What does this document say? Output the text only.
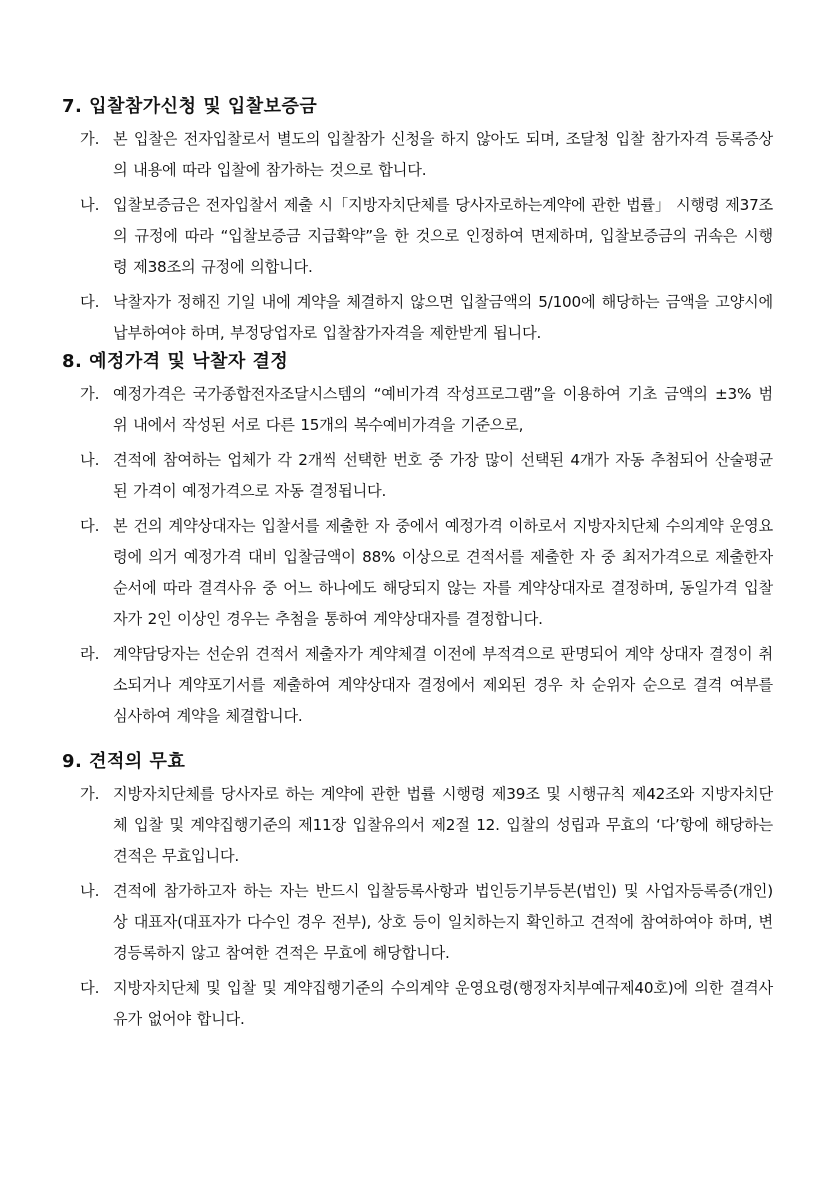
7. 입찰참가신청 및 입찰보증금
가. 본 입찰은 전자입찰로서 별도의 입찰참가 신청을 하지 않아도 되며, 조달청 입찰 참가자격 등록증상의 내용에 따라 입찰에 참가하는 것으로 합니다.
나. 입찰보증금은 전자입찰서 제출 시「지방자치단체를 당사자로하는계약에 관한 법률」 시행령 제37조의 규정에 따라 “입찰보증금 지급확약”을 한 것으로 인정하여 면제하며, 입찰보증금의 귀속은 시행령 제38조의 규정에 의합니다.
다. 낙찰자가 정해진 기일 내에 계약을 체결하지 않으면 입찰금액의 5/100에 해당하는 금액을 고양시에 납부하여야 하며, 부정당업자로 입찰참가자격을 제한받게 됩니다.
8. 예정가격 및 낙찰자 결정
가. 예정가격은 국가종합전자조달시스템의 “예비가격 작성프로그램”을 이용하여 기초 금액의 ±3% 범위 내에서 작성된 서로 다른 15개의 복수예비가격을 기준으로,
나. 견적에 참여하는 업체가 각 2개씩 선택한 번호 중 가장 많이 선택된 4개가 자동 추첨되어 산술평균 된 가격이 예정가격으로 자동 결정됩니다.
다. 본 건의 계약상대자는 입찰서를 제출한 자 중에서 예정가격 이하로서 지방자치단체 수의계약 운영요령에 의거 예정가격 대비 입찰금액이 88% 이상으로 견적서를 제출한 자 중 최저가격으로 제출한자 순서에 따라 결격사유 중 어느 하나에도 해당되지 않는 자를 계약상대자로 결정하며, 동일가격 입찰자가 2인 이상인 경우는 추첨을 통하여 계약상대자를 결정합니다.
라. 계약담당자는 선순위 견적서 제출자가 계약체결 이전에 부적격으로 판명되어 계약 상대자 결정이 취소되거나 계약포기서를 제출하여 계약상대자 결정에서 제외된 경우 차 순위자 순으로 결격 여부를 심사하여 계약을 체결합니다.
9. 견적의 무효
가. 지방자치단체를 당사자로 하는 계약에 관한 법률 시행령 제39조 및 시행규칙 제42조와 지방자치단체 입찰 및 계약집행기준의 제11장 입찰유의서 제2절 12. 입찰의 성립과 무효의 ‘다’항에 해당하는 견적은 무효입니다.
나. 견적에 참가하고자 하는 자는 반드시 입찰등록사항과 법인등기부등본(법인) 및 사업자등록증(개인)상 대표자(대표자가 다수인 경우 전부), 상호 등이 일치하는지 확인하고 견적에 참여하여야 하며, 변경등록하지 않고 참여한 견적은 무효에 해당합니다.
다. 지방자치단체 및 입찰 및 계약집행기준의 수의계약 운영요령(행정자치부예규제40호)에 의한 결격사유가 없어야 합니다.
